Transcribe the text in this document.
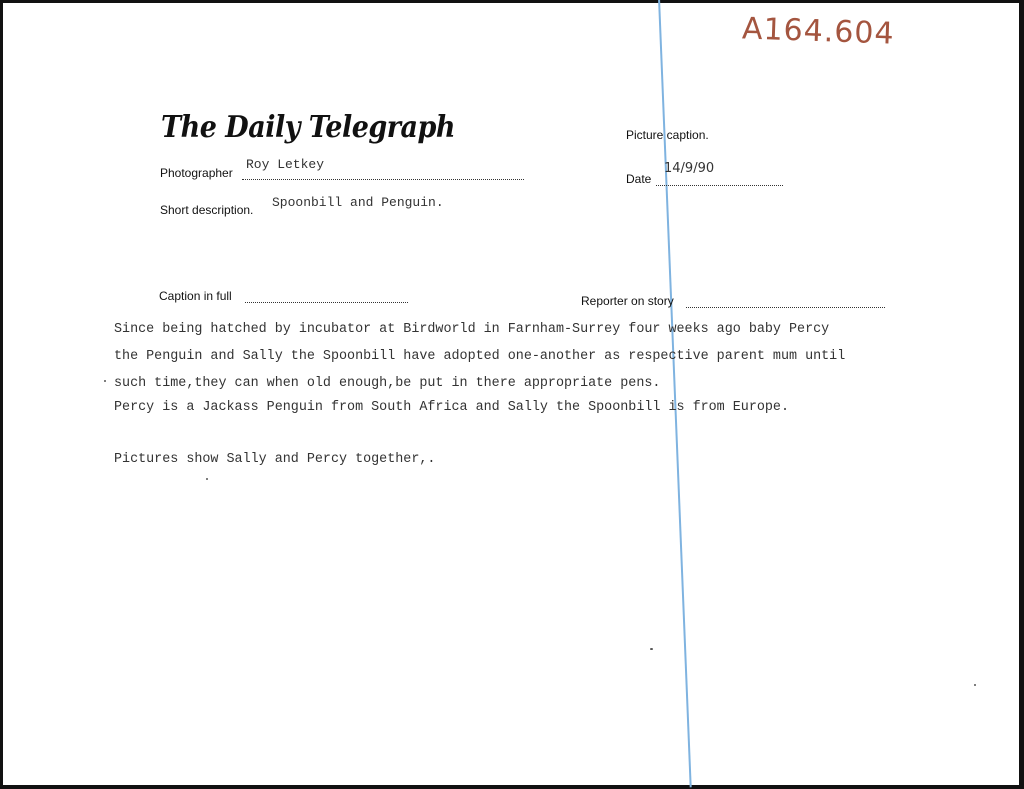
A164.604
The Daily Telegraph
Photographer
Roy Letkey
Short description. Spoonbill and Penguin.
Picture caption.
Date
14/9/90
Caption in full	Reporter on story
Since being hatched by incubator at Birdworld in Farnham-Surrey four weeks ago baby Percy
the Penguin and Sally the Spoonbill have adopted one-another as respective parent mum until
such time,they can when old enough,be put in there appropriate pens.
Percy is a Jackass Penguin from South Africa and Sally the Spoonbill is from Europe.
Pictures show Sally and Percy together,.
